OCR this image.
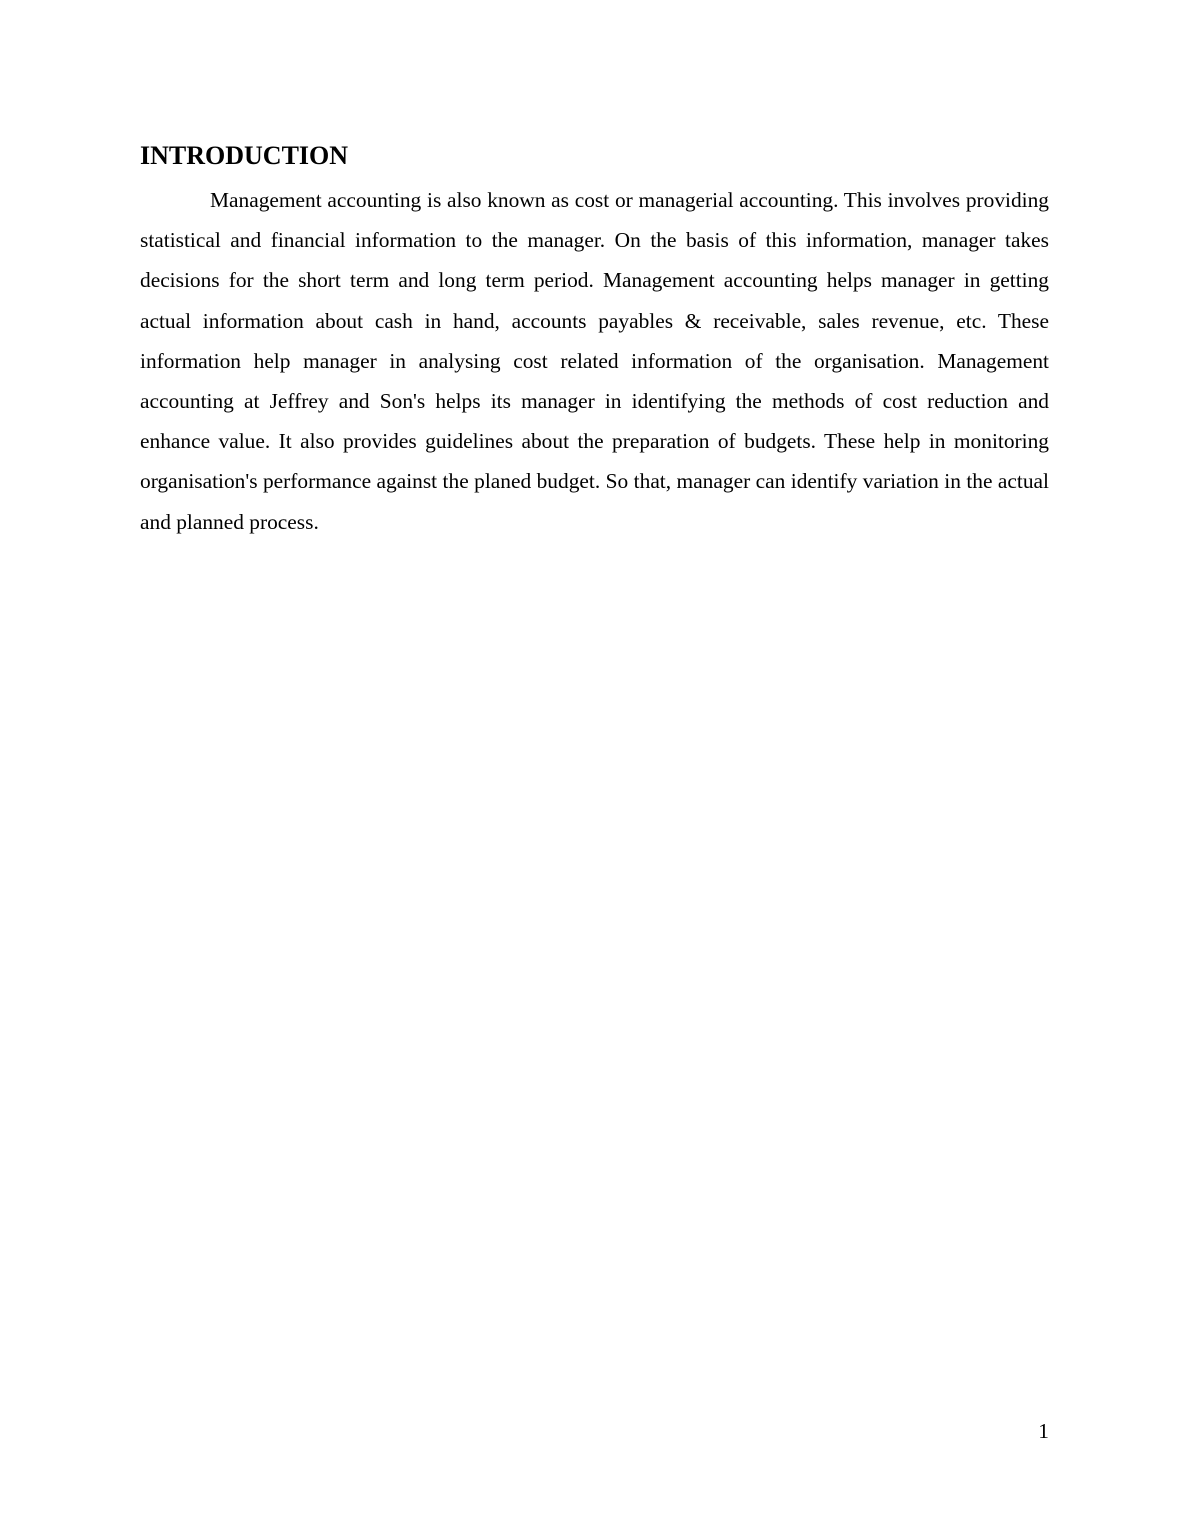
INTRODUCTION

Management accounting is also known as cost or managerial accounting. This involves providing statistical and financial information to the manager. On the basis of this information, manager takes decisions for the short term and long term period. Management accounting helps manager in getting actual information about cash in hand, accounts payables & receivable, sales revenue, etc. These information help manager in analysing cost related information of the organisation. Management accounting at Jeffrey and Son's helps its manager in identifying the methods of cost reduction and enhance value. It also provides guidelines about the preparation of budgets. These help in monitoring organisation's performance against the planed budget. So that, manager can identify variation in the actual and planned process.

1
